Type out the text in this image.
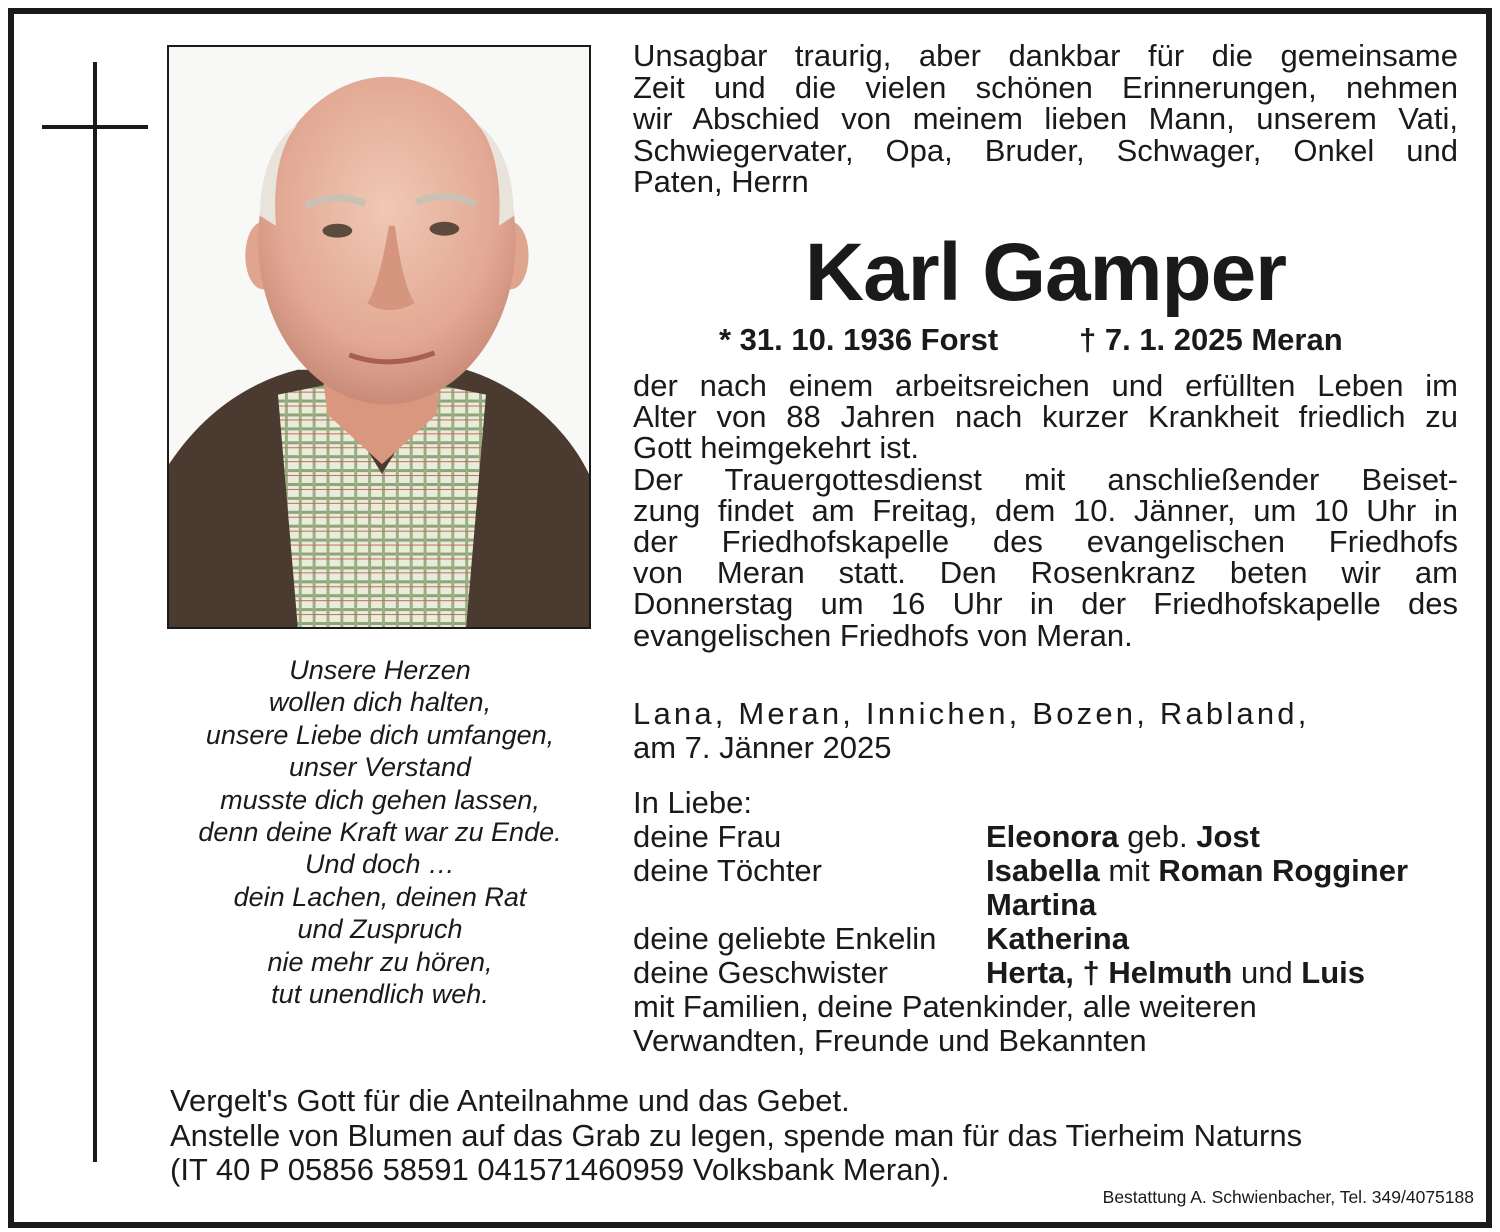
Unsere Herzen
wollen dich halten,
unsere Liebe dich umfangen,
unser Verstand
musste dich gehen lassen,
denn deine Kraft war zu Ende.
Und doch …
dein Lachen, deinen Rat
und Zuspruch
nie mehr zu hören,
tut unendlich weh.
Unsagbar traurig, aber dankbar für die gemeinsame
Zeit und die vielen schönen Erinnerungen, nehmen
wir Abschied von meinem lieben Mann, unserem Vati,
Schwiegervater, Opa, Bruder, Schwager, Onkel und
Paten, Herrn
Karl Gamper
* 31. 10. 1936 Forst	† 7. 1. 2025 Meran
der nach einem arbeitsreichen und erfüllten Leben im
Alter von 88 Jahren nach kurzer Krankheit friedlich zu
Gott heimgekehrt ist.
Der Trauergottesdienst mit anschließender Beiset-
zung findet am Freitag, dem 10. Jänner, um 10 Uhr in
der Friedhofskapelle des evangelischen Friedhofs
von Meran statt. Den Rosenkranz beten wir am
Donnerstag um 16 Uhr in der Friedhofskapelle des
evangelischen Friedhofs von Meran.
Lana, Meran, Innichen, Bozen, Rabland,
am 7. Jänner 2025
In Liebe:
deine Frau	Eleonora geb. Jost
deine Töchter	Isabella mit Roman Rogginer
Martina
deine geliebte Enkelin Katherina
deine Geschwister	Herta, † Helmuth und Luis
mit Familien, deine Patenkinder, alle weiteren
Verwandten, Freunde und Bekannten
Vergelt's Gott für die Anteilnahme und das Gebet.
Anstelle von Blumen auf das Grab zu legen, spende man für das Tierheim Naturns
(IT 40 P 05856 58591 041571460959 Volksbank Meran).
Bestattung A. Schwienbacher, Tel. 349/4075188
